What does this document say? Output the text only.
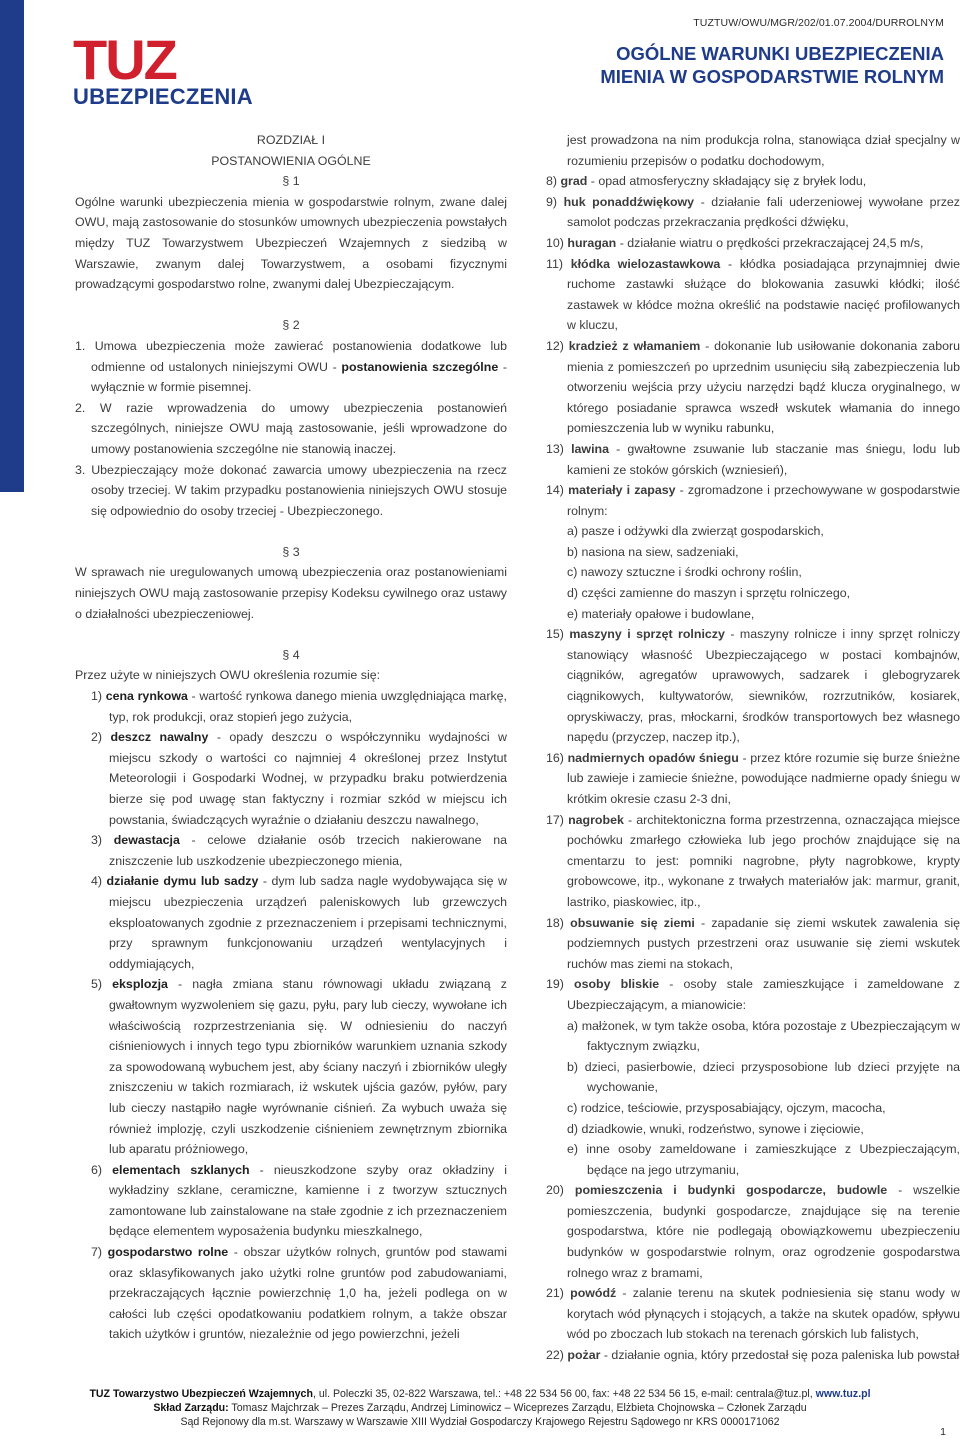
TUZ
UBEZPIECZENIA
TUZTUW/OWU/MGR/202/01.07.2004/DURROLNYM
OGÓLNE WARUNKI UBEZPIECZENIA
MIENIA W GOSPODARSTWIE ROLNYM
ROZDZIAŁ I
POSTANOWIENIA OGÓLNE
§ 1
Ogólne warunki ubezpieczenia mienia w gospodarstwie rolnym, zwane dalej OWU, mają zastosowanie do stosunków umownych ubezpieczenia powstałych między TUZ Towarzystwem Ubezpieczeń Wzajemnych z siedzibą w Warszawie, zwanym dalej Towarzystwem, a osobami fizycznymi prowadzącymi gospodarstwo rolne, zwanymi dalej Ubezpieczającym.
§ 2
1. Umowa ubezpieczenia może zawierać postanowienia dodatkowe lub odmienne od ustalonych niniejszymi OWU - postanowienia szczególne - wyłącznie w formie pisemnej.
2. W razie wprowadzenia do umowy ubezpieczenia postanowień szczególnych, niniejsze OWU mają zastosowanie, jeśli wprowadzone do umowy postanowienia szczególne nie stanowią inaczej.
3. Ubezpieczający może dokonać zawarcia umowy ubezpieczenia na rzecz osoby trzeciej. W takim przypadku postanowienia niniejszych OWU stosuje się odpowiednio do osoby trzeciej - Ubezpieczonego.
§ 3
W sprawach nie uregulowanych umową ubezpieczenia oraz postanowieniami niniejszych OWU mają zastosowanie przepisy Kodeksu cywilnego oraz ustawy o działalności ubezpieczeniowej.
§ 4
Przez użyte w niniejszych OWU określenia rozumie się:
1) cena rynkowa - wartość rynkowa danego mienia uwzględniająca markę, typ, rok produkcji, oraz stopień jego zużycia,
2) deszcz nawalny - opady deszczu o współczynniku wydajności w miejscu szkody o wartości co najmniej 4 określonej przez Instytut Meteorologii i Gospodarki Wodnej, w przypadku braku potwierdzenia bierze się pod uwagę stan faktyczny i rozmiar szkód w miejscu ich powstania, świadczących wyraźnie o działaniu deszczu nawalnego,
3) dewastacja - celowe działanie osób trzecich nakierowane na zniszczenie lub uszkodzenie ubezpieczonego mienia,
4) działanie dymu lub sadzy - dym lub sadza nagle wydobywająca się w miejscu ubezpieczenia urządzeń paleniskowych lub grzewczych eksploatowanych zgodnie z przeznaczeniem i przepisami technicznymi, przy sprawnym funkcjonowaniu urządzeń wentylacyjnych i oddymiających,
5) eksplozja - nagła zmiana stanu równowagi układu związaną z gwałtownym wyzwoleniem się gazu, pyłu, pary lub cieczy, wywołane ich właściwością rozprzestrzeniania się. W odniesieniu do naczyń ciśnieniowych i innych tego typu zbiorników warunkiem uznania szkody za spowodowaną wybuchem jest, aby ściany naczyń i zbiorników uległy zniszczeniu w takich rozmiarach, iż wskutek ujścia gazów, pyłów, pary lub cieczy nastąpiło nagłe wyrównanie ciśnień. Za wybuch uważa się również implozję, czyli uszkodzenie ciśnieniem zewnętrznym zbiornika lub aparatu próżniowego,
6) elementach szklanych - nieuszkodzone szyby oraz okładziny i wykładziny szklane, ceramiczne, kamienne i z tworzyw sztucznych zamontowane lub zainstalowane na stałe zgodnie z ich przeznaczeniem będące elementem wyposażenia budynku mieszkalnego,
7) gospodarstwo rolne - obszar użytków rolnych, gruntów pod stawami oraz sklasyfikowanych jako użytki rolne gruntów pod zabudowaniami, przekraczających łącznie powierzchnię 1,0 ha, jeżeli podlega on w całości lub części opodatkowaniu podatkiem rolnym, a także obszar takich użytków i gruntów, niezależnie od jego powierzchni, jeżeli
jest prowadzona na nim produkcja rolna, stanowiąca dział specjalny w rozumieniu przepisów o podatku dochodowym,
8) grad - opad atmosferyczny składający się z bryłek lodu,
9) huk ponaddźwiękowy - działanie fali uderzeniowej wywołane przez samolot podczas przekraczania prędkości dźwięku,
10) huragan - działanie wiatru o prędkości przekraczającej 24,5 m/s,
11) kłódka wielozastawkowa - kłódka posiadająca przynajmniej dwie ruchome zastawki służące do blokowania zasuwki kłódki; ilość zastawek w kłódce można określić na podstawie nacięć profilowanych w kluczu,
12) kradzież z włamaniem - dokonanie lub usiłowanie dokonania zaboru mienia z pomieszczeń po uprzednim usunięciu siłą zabezpieczenia lub otworzeniu wejścia przy użyciu narzędzi bądź klucza oryginalnego, w którego posiadanie sprawca wszedł wskutek włamania do innego pomieszczenia lub w wyniku rabunku,
13) lawina - gwałtowne zsuwanie lub staczanie mas śniegu, lodu lub kamieni ze stoków górskich (wzniesień),
14) materiały i zapasy - zgromadzone i przechowywane w gospodarstwie rolnym:
a) pasze i odżywki dla zwierząt gospodarskich,
b) nasiona na siew, sadzeniaki,
c) nawozy sztuczne i środki ochrony roślin,
d) części zamienne do maszyn i sprzętu rolniczego,
e) materiały opałowe i budowlane,
15) maszyny i sprzęt rolniczy - maszyny rolnicze i inny sprzęt rolniczy stanowiący własność Ubezpieczającego w postaci kombajnów, ciągników, agregatów uprawowych, sadzarek i glebogryzarek ciągnikowych, kultywatorów, siewników, rozrzutników, kosiarek, opryskiwaczy, pras, młockarni, środków transportowych bez własnego napędu (przyczep, naczep itp.),
16) nadmiernych opadów śniegu - przez które rozumie się burze śnieżne lub zawieje i zamiecie śnieżne, powodujące nadmierne opady śniegu w krótkim okresie czasu 2-3 dni,
17) nagrobek - architektoniczna forma przestrzenna, oznaczająca miejsce pochówku zmarłego człowieka lub jego prochów znajdujące się na cmentarzu to jest: pomniki nagrobne, płyty nagrobkowe, krypty grobowcowe, itp., wykonane z trwałych materiałów jak: marmur, granit, lastriko, piaskowiec, itp.,
18) obsuwanie się ziemi - zapadanie się ziemi wskutek zawalenia się podziemnych pustych przestrzeni oraz usuwanie się ziemi wskutek ruchów mas ziemi na stokach,
19) osoby bliskie - osoby stale zamieszkujące i zameldowane z Ubezpieczającym, a mianowicie:
a) małżonek, w tym także osoba, która pozostaje z Ubezpieczającym w faktycznym związku,
b) dzieci, pasierbowie, dzieci przysposobione lub dzieci przyjęte na wychowanie,
c) rodzice, teściowie, przysposabiający, ojczym, macocha,
d) dziadkowie, wnuki, rodzeństwo, synowe i zięciowie,
e) inne osoby zameldowane i zamieszkujące z Ubezpieczającym, będące na jego utrzymaniu,
20) pomieszczenia i budynki gospodarcze, budowle - wszelkie pomieszczenia, budynki gospodarcze, znajdujące się na terenie gospodarstwa, które nie podlegają obowiązkowemu ubezpieczeniu budynków w gospodarstwie rolnym, oraz ogrodzenie gospodarstwa rolnego wraz z bramami,
21) powódź - zalanie terenu na skutek podniesienia się stanu wody w korytach wód płynących i stojących, a także na skutek opadów, spływu wód po zboczach lub stokach na terenach górskich lub falistych,
22) pożar - działanie ognia, który przedostał się poza paleniska lub powstał
TUZ Towarzystwo Ubezpieczeń Wzajemnych, ul. Poleczki 35, 02-822 Warszawa, tel.: +48 22 534 56 00, fax: +48 22 534 56 15, e-mail: centrala@tuz.pl, www.tuz.pl
Skład Zarządu: Tomasz Majchrzak – Prezes Zarządu, Andrzej Liminowicz – Wiceprezes Zarządu, Elżbieta Chojnowska – Członek Zarządu
Sąd Rejonowy dla m.st. Warszawy w Warszawie XIII Wydział Gospodarczy Krajowego Rejestru Sądowego nr KRS 0000171062
1
